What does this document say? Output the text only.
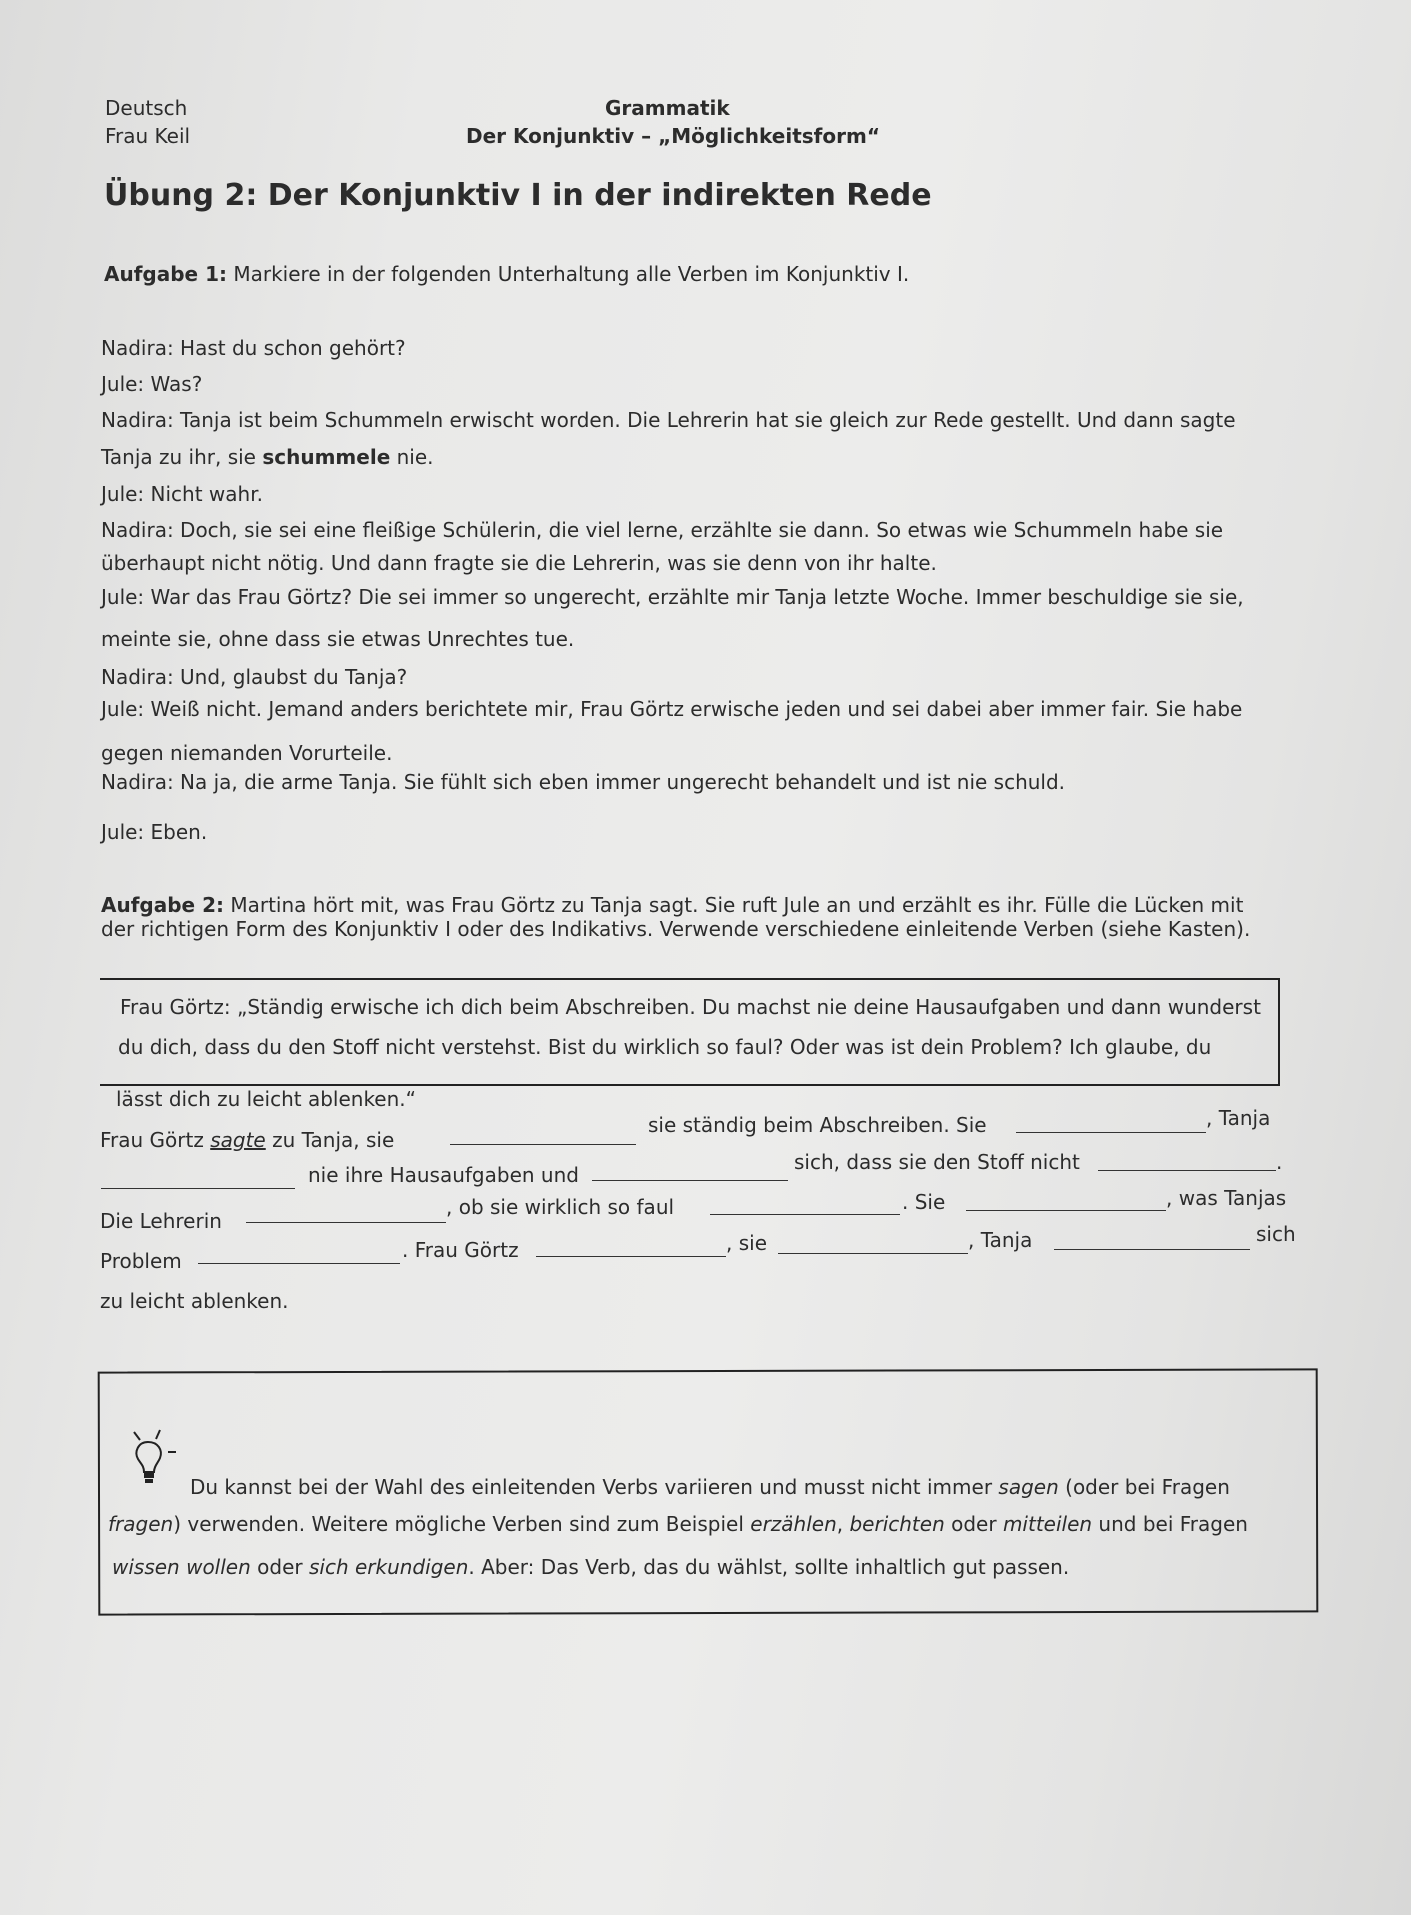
Deutsch
Frau Keil
Grammatik
Der Konjunktiv – „Möglichkeitsform“
Übung 2: Der Konjunktiv I in der indirekten Rede
Aufgabe 1: Markiere in der folgenden Unterhaltung alle Verben im Konjunktiv I.
Nadira: Hast du schon gehört?
Jule: Was?
Nadira: Tanja ist beim Schummeln erwischt worden. Die Lehrerin hat sie gleich zur Rede gestellt. Und dann sagte
Tanja zu ihr, sie schummele nie.
Jule: Nicht wahr.
Nadira: Doch, sie sei eine fleißige Schülerin, die viel lerne, erzählte sie dann. So etwas wie Schummeln habe sie
überhaupt nicht nötig. Und dann fragte sie die Lehrerin, was sie denn von ihr halte.
Jule: War das Frau Görtz? Die sei immer so ungerecht, erzählte mir Tanja letzte Woche. Immer beschuldige sie sie,
meinte sie, ohne dass sie etwas Unrechtes tue.
Nadira: Und, glaubst du Tanja?
Jule: Weiß nicht. Jemand anders berichtete mir, Frau Görtz erwische jeden und sei dabei aber immer fair. Sie habe
gegen niemanden Vorurteile.
Nadira: Na ja, die arme Tanja. Sie fühlt sich eben immer ungerecht behandelt und ist nie schuld.
Jule: Eben.
Aufgabe 2: Martina hört mit, was Frau Görtz zu Tanja sagt. Sie ruft Jule an und erzählt es ihr. Fülle die Lücken mit
der richtigen Form des Konjunktiv I oder des Indikativs. Verwende verschiedene einleitende Verben (siehe Kasten).
Frau Görtz: „Ständig erwische ich dich beim Abschreiben. Du machst nie deine Hausaufgaben und dann wunderst
du dich, dass du den Stoff nicht verstehst. Bist du wirklich so faul? Oder was ist dein Problem? Ich glaube, du
lässt dich zu leicht ablenken.“
Frau Görtz sagte zu Tanja, sie
sie ständig beim Abschreiben. Sie	, Tanja
nie ihre Hausaufgaben und
sich, dass sie den Stoff nicht	.
Die Lehrerin
, ob sie wirklich so faul	. Sie	, was Tanjas
Problem	. Frau Görtz	, sie	, Tanja	sich
zu leicht ablenken.
Du kannst bei der Wahl des einleitenden Verbs variieren und musst nicht immer sagen (oder bei Fragen
fragen) verwenden. Weitere mögliche Verben sind zum Beispiel erzählen, berichten oder mitteilen und bei Fragen
wissen wollen oder sich erkundigen. Aber: Das Verb, das du wählst, sollte inhaltlich gut passen.
